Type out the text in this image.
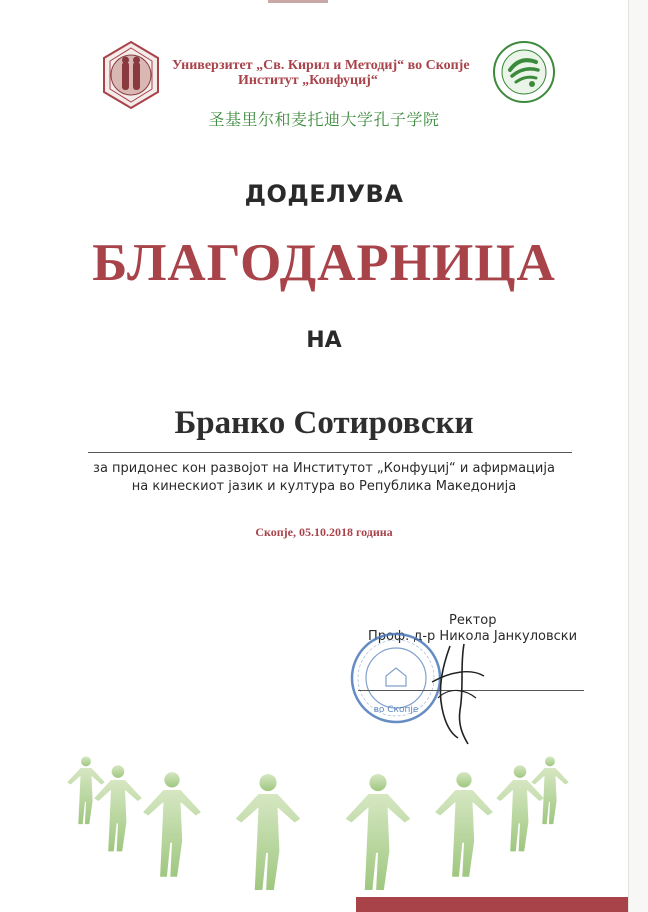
Универзитет „Св. Кирил и Методиј“ во Скопје
Институт „Конфуциј“
圣基里尔和麦托迪大学孔子学院
ДОДЕЛУВА
БЛАГОДАРНИЦА
НА
Бранко Сотировски
за придонес кон развојот на Институтот „Конфуциј“ и афирмација
на кинескиот јазик и култура во Република Македонија
Скопје, 05.10.2018 година
Ректор
Проф. д-р Никола Јанкуловски
во Скопје
